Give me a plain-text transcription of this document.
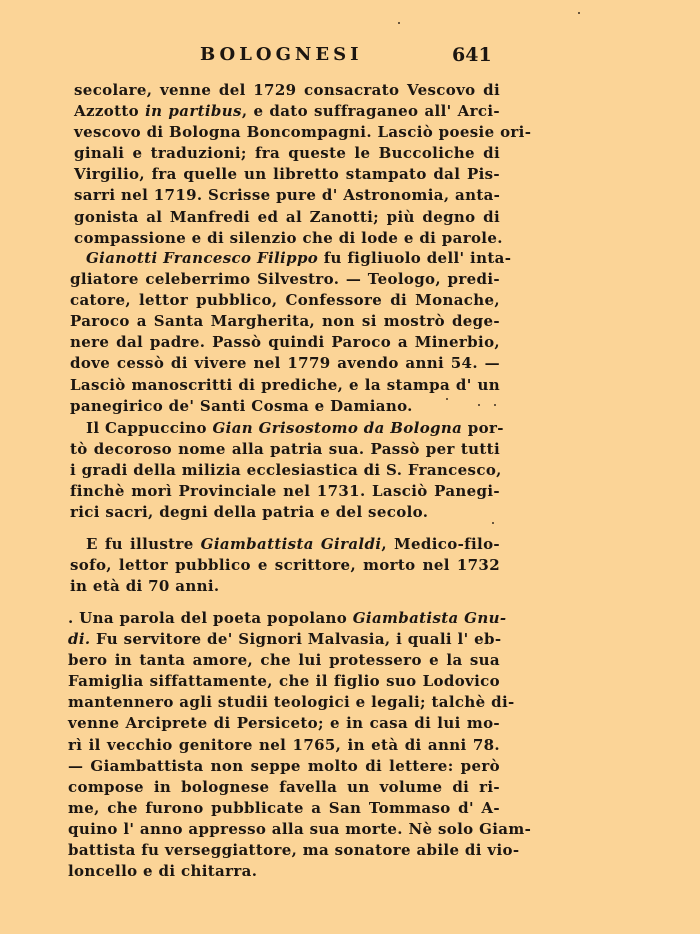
BOLOGNESI	641
secolare, venne del 1729 consacrato Vescovo di
Azzotto in partibus, e dato suffraganeo all' Arci-
vescovo di Bologna Boncompagni. Lasciò poesie ori-
ginali e traduzioni; fra queste le Buccoliche di
Virgilio, fra quelle un libretto stampato dal Pis-
sarri nel 1719. Scrisse pure d' Astronomia, anta-
gonista al Manfredi ed al Zanotti; più degno di
compassione e di silenzio che di lode e di parole.
Gianotti Francesco Filippo fu figliuolo dell' inta-
gliatore celeberrimo Silvestro. — Teologo, predi-
catore, lettor pubblico, Confessore di Monache,
Paroco a Santa Margherita, non si mostrò dege-
nere dal padre. Passò quindi Paroco a Minerbio,
dove cessò di vivere nel 1779 avendo anni 54. —
Lasciò manoscritti di prediche, e la stampa d' un
panegirico de' Santi Cosma e Damiano.
Il Cappuccino Gian Grisostomo da Bologna por-
tò decoroso nome alla patria sua. Passò per tutti
i gradi della milizia ecclesiastica di S. Francesco,
finchè morì Provinciale nel 1731. Lasciò Panegi-
rici sacri, degni della patria e del secolo.
E fu illustre Giambattista Giraldi, Medico-filo-
sofo, lettor pubblico e scrittore, morto nel 1732
in età di 70 anni.
. Una parola del poeta popolano Giambatista Gnu-
di. Fu servitore de' Signori Malvasia, i quali l' eb-
bero in tanta amore, che lui protessero e la sua
Famiglia siffattamente, che il figlio suo Lodovico
mantennero agli studii teologici e legali; talchè di-
venne Arciprete di Persiceto; e in casa di lui mo-
rì il vecchio genitore nel 1765, in età di anni 78.
— Giambattista non seppe molto di lettere: però
compose in bolognese favella un volume di ri-
me, che furono pubblicate a San Tommaso d' A-
quino l' anno appresso alla sua morte. Nè solo Giam-
battista fu verseggiattore, ma sonatore abile di vio-
loncello e di chitarra.
